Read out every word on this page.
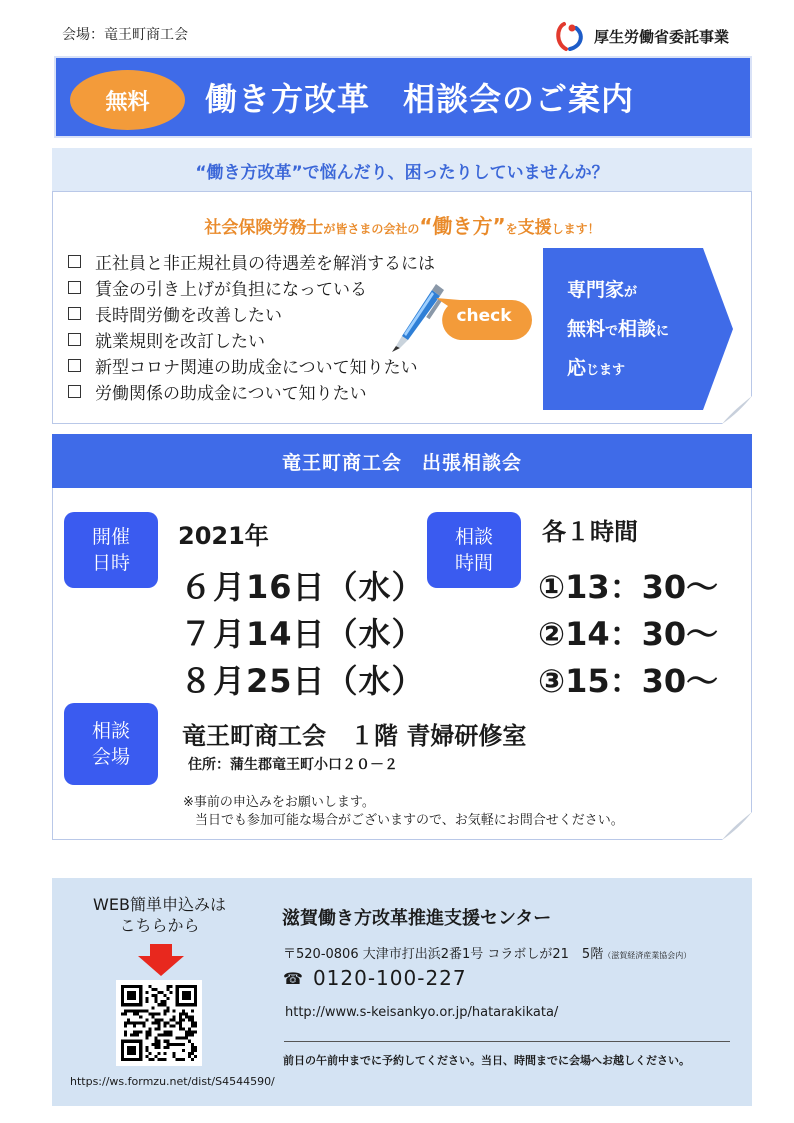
会場：竜王町商工会	厚生労働省委託事業
無料	働き方改革　相談会のご案内
“働き方改革”で悩んだり、困ったりしていませんか？
社会保険労務士が皆さまの会社の“働き方”を支援します！
正社員と非正規社員の待遇差を解消するには
賃金の引き上げが負担になっている
長時間労働を改善したい
就業規則を改訂したい
新型コロナ関連の助成金について知りたい
労働関係の助成金について知りたい
check
専門家が
無料で相談に
応じます
竜王町商工会　出張相談会
開催
日時
相談
時間
相談
会場
2021年
６月16日（水）
７月14日（水）
８月25日（水）
各１時間
①13：30～
②14：30～
③15：30～
竜王町商工会　１階 青婦研修室
住所：蒲生郡竜王町小口２０－２
※事前の申込みをお願いします。
当日でも参加可能な場合がございますので、お気軽にお問合せください。
WEB簡単申込みは
こちらから
https://ws.formzu.net/dist/S4544590/
滋賀働き方改革推進支援センター
〒520-0806 大津市打出浜2番1号 コラボしが21　5階（滋賀経済産業協会内）
☎ 0120-100-227
http://www.s-keisankyo.or.jp/hatarakikata/
前日の午前中までに予約してください。当日、時間までに会場へお越しください。
